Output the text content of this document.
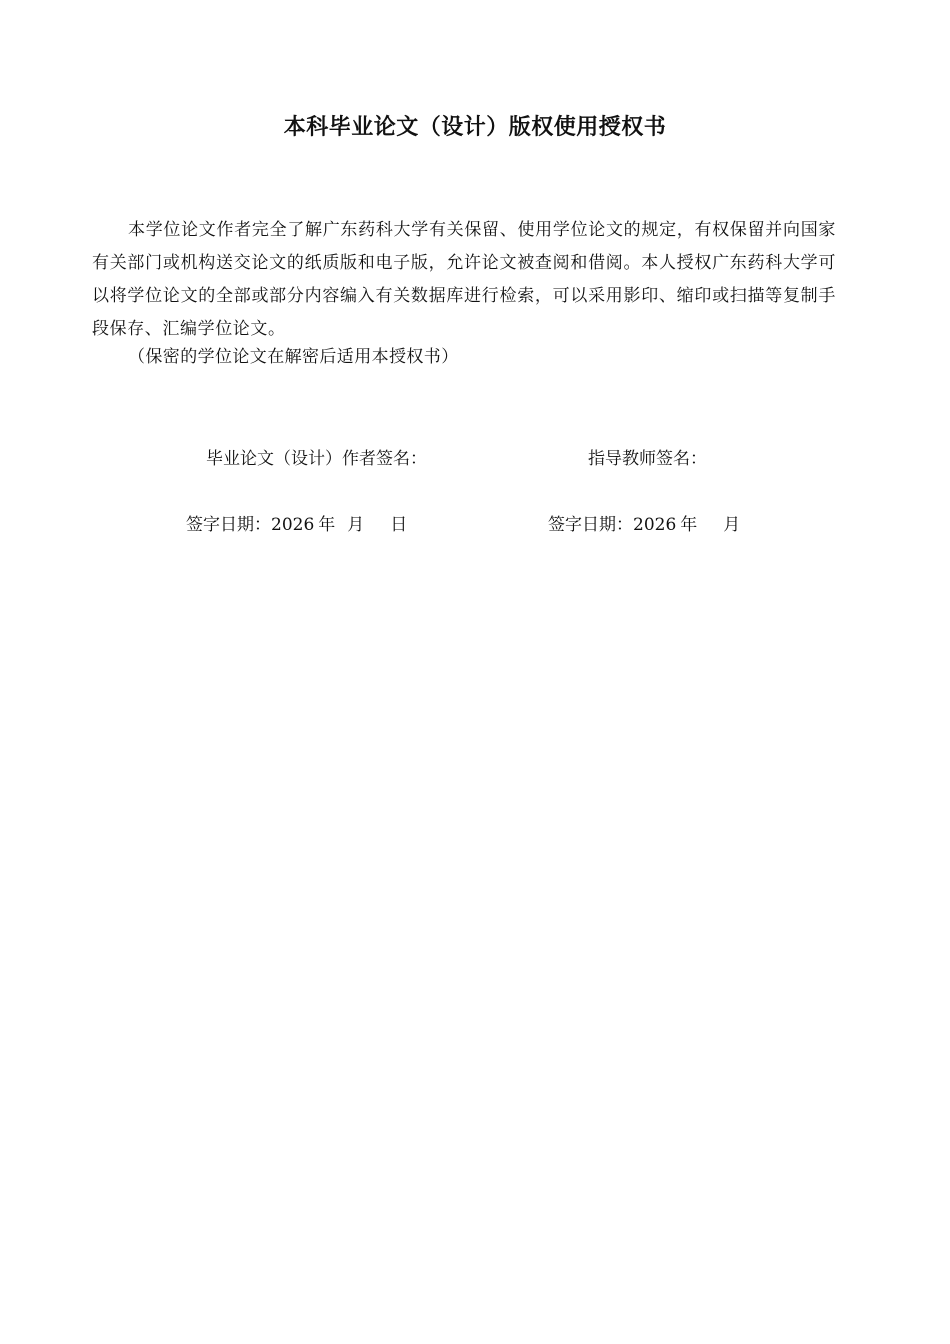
本科毕业论文（设计）版权使用授权书

本学位论文作者完全了解广东药科大学有关保留、使用学位论文的规定，有权保留并向国家有关部门或机构送交论文的纸质版和电子版，允许论文被查阅和借阅。本人授权广东药科大学可以将学位论文的全部或部分内容编入有关数据库进行检索，可以采用影印、缩印或扫描等复制手段保存、汇编学位论文。

（保密的学位论文在解密后适用本授权书）
毕业论文（设计）作者签名：	指导教师签名：
签字日期：2026 年 月 日	签字日期：2026 年 月
